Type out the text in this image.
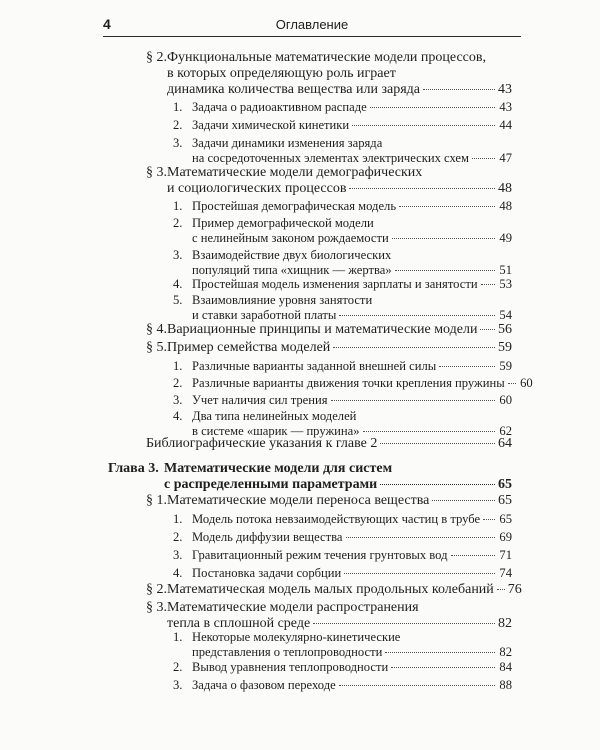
4	Оглавление
§ 2. Функциональные математические модели процессов,
в которых определяющую роль играет
динамика количества вещества или заряда	43
1. Задача о радиоактивном распаде	43
2. Задачи химической кинетики	44
3. Задачи динамики изменения заряда
на сосредоточенных элементах электрических схем 47
§ 3. Математические модели демографических
и социологических процессов	48
1. Простейшая демографическая модель	48
2. Пример демографической модели
с нелинейным законом рождаемости	49
3. Взаимодействие двух биологических
популяций типа «хищник — жертва»	51
4. Простейшая модель изменения зарплаты и занятости 53
5. Взаимовлияние уровня занятости
и ставки заработной платы	54
§ 4. Вариационные принципы и математические модели 56
§ 5. Пример семейства моделей	59
1. Различные варианты заданной внешней силы	59
2. Различные варианты движения точки крепления пружины 60
3. Учет наличия сил трения	60
4. Два типа нелинейных моделей
в системе «шарик — пружина»	62
Библиографические указания к главе 2	64
Глава 3. Математические модели для систем
с распределенными параметрами	65
§ 1. Математические модели переноса вещества	65
1. Модель потока невзаимодействующих частиц в трубе 65
2. Модель диффузии вещества	69
3. Гравитационный режим течения грунтовых вод	71
4. Постановка задачи сорбции	74
§ 2. Математическая модель малых продольных колебаний 76
§ 3. Математические модели распространения
тепла в сплошной среде	82
1. Некоторые молекулярно-кинетические
представления о теплопроводности	82
2. Вывод уравнения теплопроводности	84
3. Задача о фазовом переходе	88
